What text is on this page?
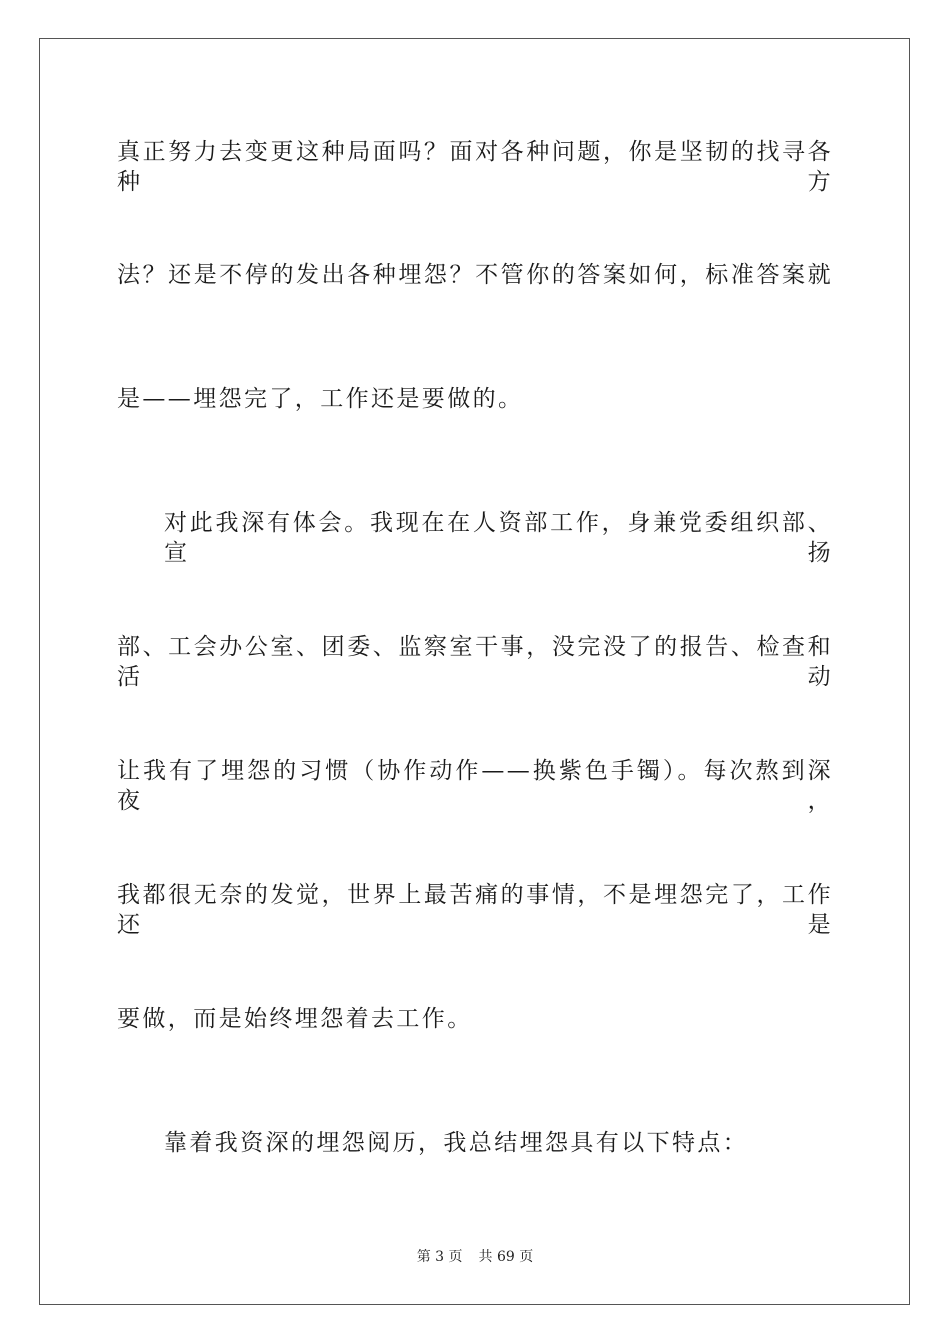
真正努力去变更这种局面吗？面对各种问题，你是坚韧的找寻各种方
法？还是不停的发出各种埋怨？不管你的答案如何，标准答案就
是——埋怨完了，工作还是要做的。
对此我深有体会。我现在在人资部工作，身兼党委组织部、宣扬
部、工会办公室、团委、监察室干事，没完没了的报告、检查和活动
让我有了埋怨的习惯（协作动作——换紫色手镯）。每次熬到深夜，
我都很无奈的发觉，世界上最苦痛的事情，不是埋怨完了，工作还是
要做，而是始终埋怨着去工作。
靠着我资深的埋怨阅历，我总结埋怨具有以下特点：
第 3 页 共 69 页
